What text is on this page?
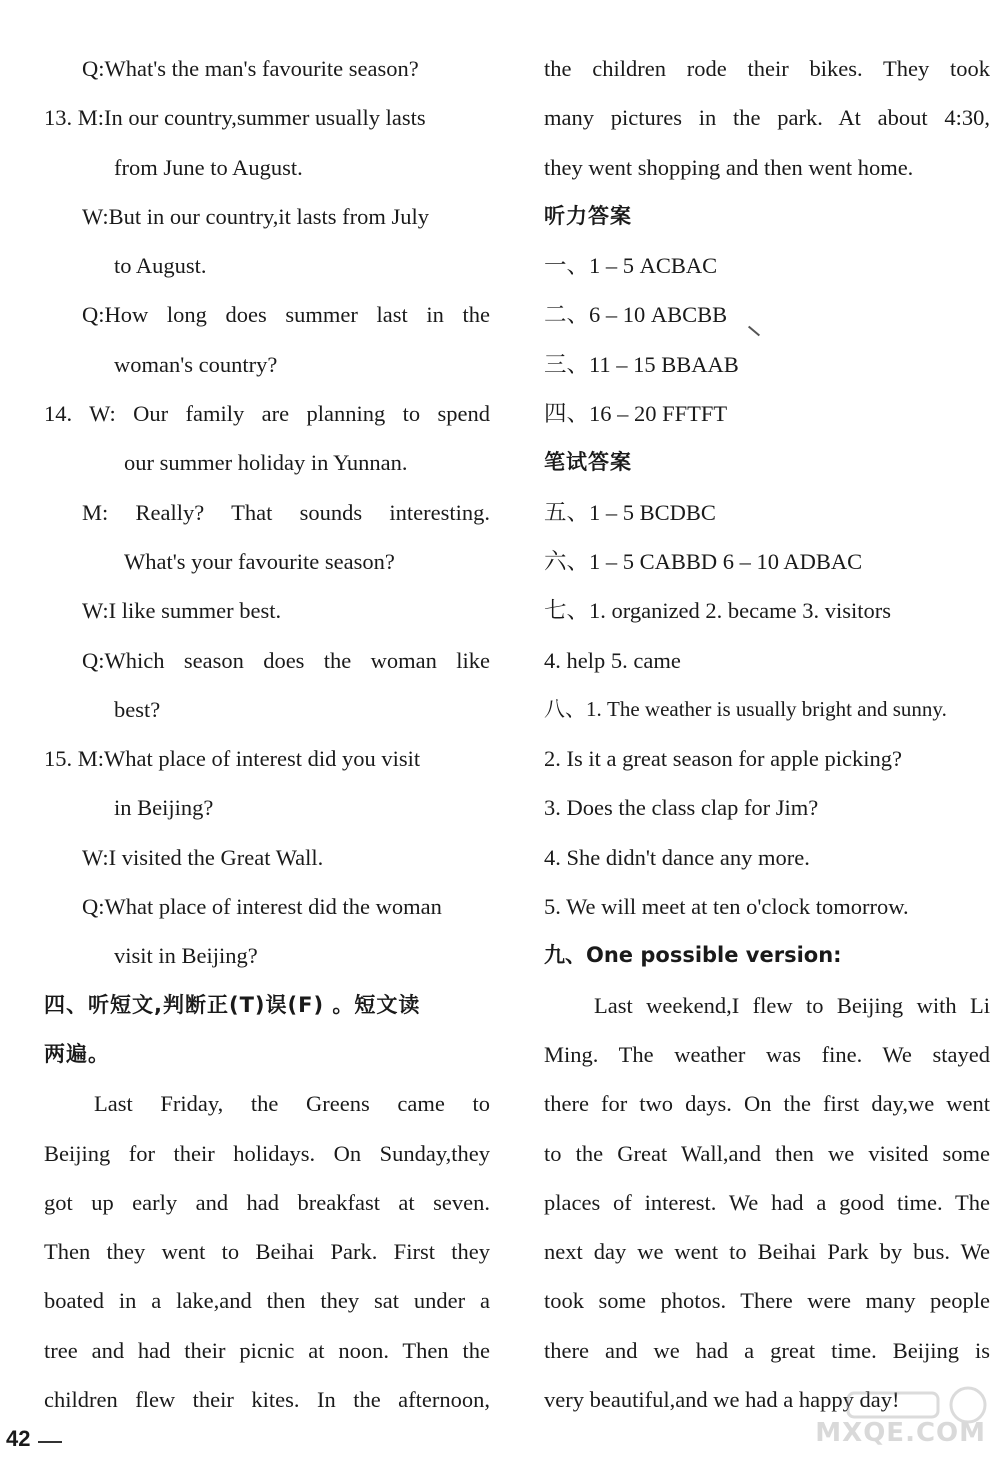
Q:What's the man's favourite season?
13. M:In our country,summer usually lasts
from June to August.
W:But in our country,it lasts from July
to August.
Q:How long does summer last in the
woman's country?
14. W: Our family are planning to spend
our summer holiday in Yunnan.
M: Really? That sounds interesting.
What's your favourite season?
W:I like summer best.
Q:Which season does the woman like
best?
15. M:What place of interest did you visit
in Beijing?
W:I visited the Great Wall.
Q:What place of interest did the woman
visit in Beijing?
四、听短文,判断正(T)误(F) 。短文读
两遍。
Last Friday, the Greens came to
Beijing for their holidays. On Sunday,they
got up early and had breakfast at seven.
Then they went to Beihai Park. First they
boated in a lake,and then they sat under a
tree and had their picnic at noon. Then the
children flew their kites. In the afternoon,
the children rode their bikes. They took
many pictures in the park. At about 4:30,
they went shopping and then went home.
听力答案
一、1 – 5 ACBAC
二、6 – 10 ABCBB
三、11 – 15 BBAAB
四、16 – 20 FFTFT
笔试答案
五、1 – 5 BCDBC
六、1 – 5 CABBD 6 – 10 ADBAC
七、1. organized 2. became 3. visitors
4. help 5. came
八、1. The weather is usually bright and sunny.
2. Is it a great season for apple picking?
3. Does the class clap for Jim?
4. She didn't dance any more.
5. We will meet at ten o'clock tomorrow.
九、One possible version:
Last weekend,I flew to Beijing with Li
Ming. The weather was fine. We stayed
there for two days. On the first day,we went
to the Great Wall,and then we visited some
places of interest. We had a good time. The
next day we went to Beihai Park by bus. We
took some photos. There were many people
there and we had a great time. Beijing is
very beautiful,and we had a happy day!
MXQE.COM
42
